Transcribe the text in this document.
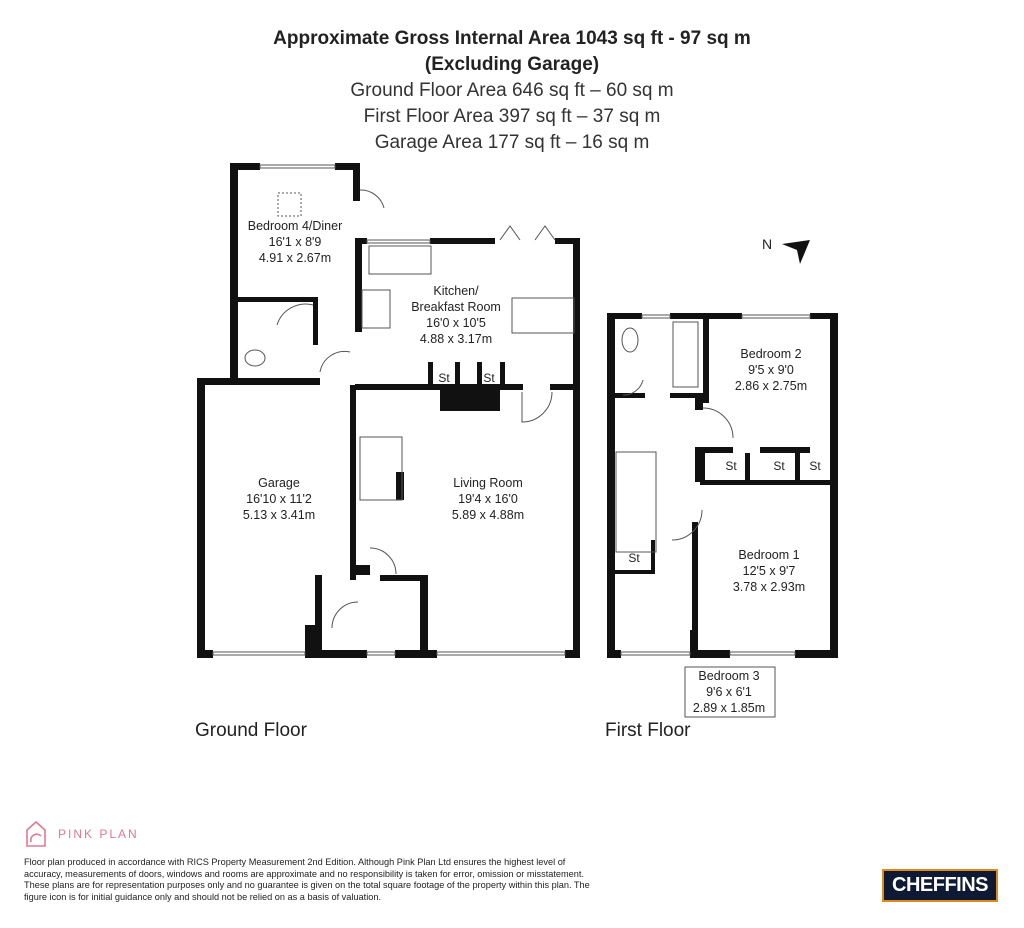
Approximate Gross Internal Area 1043 sq ft - 97 sq m
(Excluding Garage)
Ground Floor Area 646 sq ft – 60 sq m
First Floor Area 397 sq ft – 37 sq m
Garage Area 177 sq ft – 16 sq m
Bedroom 4/Diner
16'1 x 8'9
4.91 x 2.67m
Kitchen/
Breakfast Room
16'0 x 10'5
4.88 x 3.17m
Garage
16'10 x 11'2
5.13 x 3.41m
Living Room
19'4 x 16'0
5.89 x 4.88m
St	St
Bedroom 2
9'5 x 9'0
2.86 x 2.75m
Bedroom 1
12'5 x 9'7
3.78 x 2.93m
Bedroom 3
9'6 x 6'1
2.89 x 1.85m
St	St St
St
N
Ground Floor	First Floor
PINK PLAN
Floor plan produced in accordance with RICS Property Measurement 2nd Edition. Although Pink Plan Ltd ensures the highest level of accuracy, measurements of doors, windows and rooms are approximate and no responsibility is taken for error, omission or misstatement. These plans are for representation purposes only and no guarantee is given on the total square footage of the property within this plan. The figure icon is for initial guidance only and should not be relied on as a basis of valuation.
CHEFFINS
